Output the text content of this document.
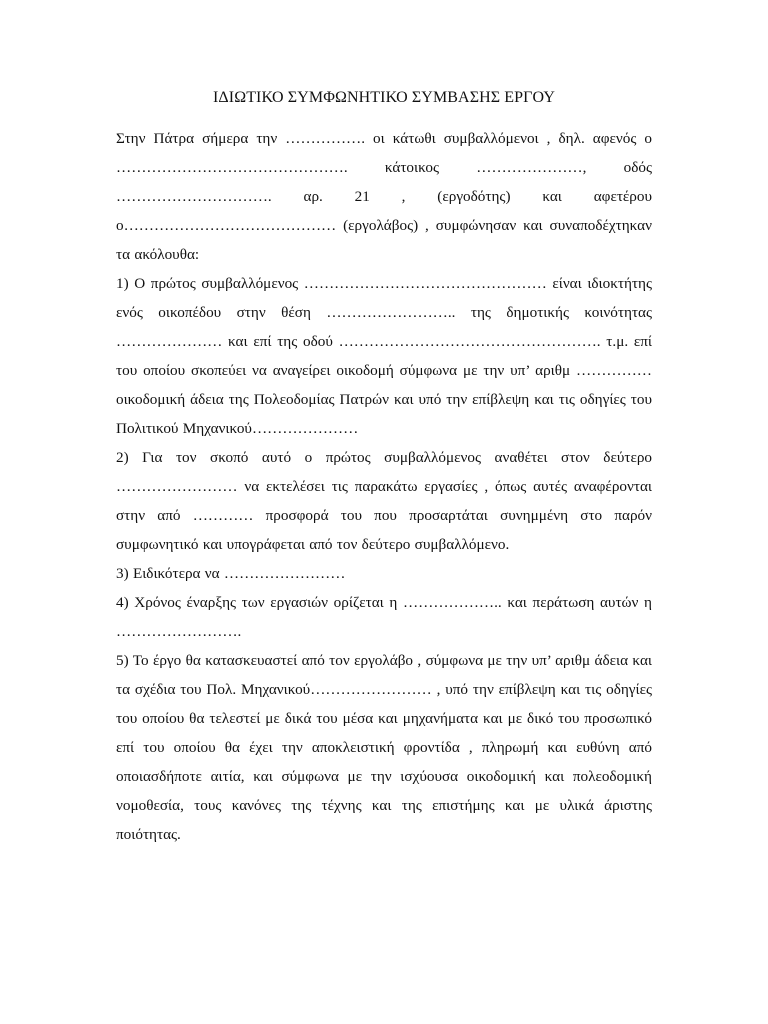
ΙΔΙΩΤΙΚΟ ΣΥΜΦΩΝΗΤΙΚΟ ΣΥΜΒΑΣΗΣ ΕΡΓΟΥ

Στην Πάτρα σήμερα την ……………. οι κάτωθι συμβαλλόμενοι , δηλ. αφενός ο ………………………………………. κάτοικος …………………, οδός …………………………. αρ. 21 , (εργοδότης) και αφετέρου ο…………………………………… (εργολάβος) , συμφώνησαν και συναποδέχτηκαν τα ακόλουθα:

1) Ο πρώτος συμβαλλόμενος ………………………………………… είναι ιδιοκτήτης ενός οικοπέδου στην θέση …………………….. της δημοτικής κοινότητας ………………… και επί της οδού ……………………………………………. τ.μ. επί του οποίου σκοπεύει να αναγείρει οικοδομή σύμφωνα με την υπ’ αριθμ …………… οικοδομική άδεια της Πολεοδομίας Πατρών και υπό την επίβλεψη και τις οδηγίες του Πολιτικού Μηχανικού…………………

2) Για τον σκοπό αυτό ο πρώτος συμβαλλόμενος αναθέτει στον δεύτερο …………………… να εκτελέσει τις παρακάτω εργασίες , όπως αυτές αναφέρονται στην από ………… προσφορά του που προσαρτάται συνημμένη στο παρόν συμφωνητικό και υπογράφεται από τον δεύτερο συμβαλλόμενο.

3) Ειδικότερα να ……………………

4) Χρόνος έναρξης των εργασιών ορίζεται η ……………….. και περάτωση αυτών η …………………….

5) Το έργο θα κατασκευαστεί από τον εργολάβο , σύμφωνα με την υπ’ αριθμ άδεια και τα σχέδια του Πολ. Μηχανικού…………………… , υπό την επίβλεψη και τις οδηγίες του οποίου θα τελεστεί με δικά του μέσα και μηχανήματα και με δικό του προσωπικό επί του οποίου θα έχει την αποκλειστική φροντίδα , πληρωμή και ευθύνη από οποιασδήποτε αιτία, και σύμφωνα με την ισχύουσα οικοδομική και πολεοδομική νομοθεσία, τους κανόνες της τέχνης και της επιστήμης και με υλικά άριστης ποιότητας.
